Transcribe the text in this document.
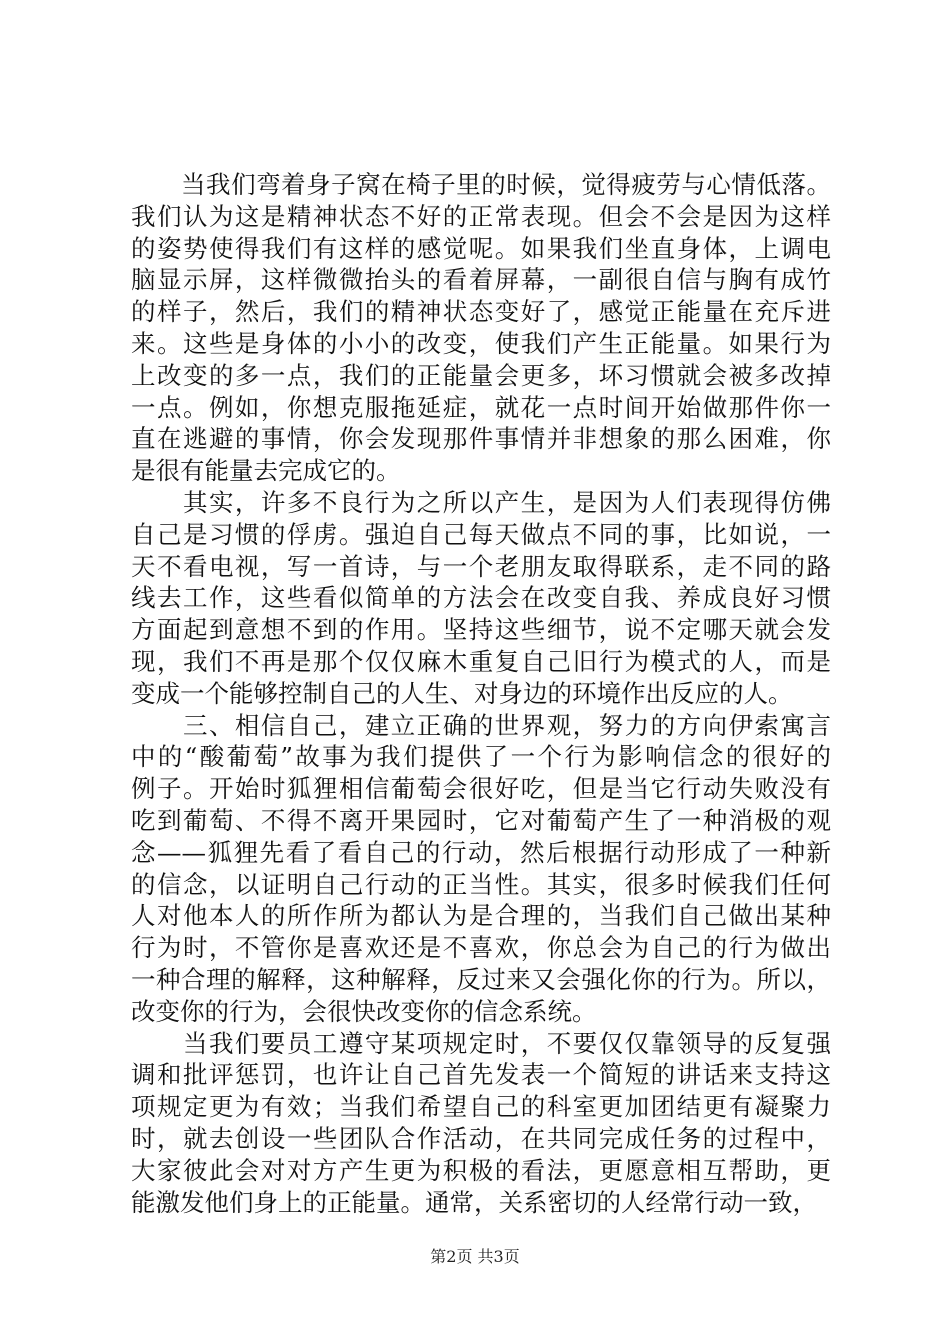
　　当我们弯着身子窝在椅子里的时候，觉得疲劳与心情低落。
我们认为这是精神状态不好的正常表现。但会不会是因为这样
的姿势使得我们有这样的感觉呢。如果我们坐直身体，上调电
脑显示屏，这样微微抬头的看着屏幕，一副很自信与胸有成竹
的样子，然后，我们的精神状态变好了，感觉正能量在充斥进
来。这些是身体的小小的改变，使我们产生正能量。如果行为
上改变的多一点，我们的正能量会更多，坏习惯就会被多改掉
一点。例如，你想克服拖延症，就花一点时间开始做那件你一
直在逃避的事情，你会发现那件事情并非想象的那么困难，你
是很有能量去完成它的。
　　其实，许多不良行为之所以产生，是因为人们表现得仿佛
自己是习惯的俘虏。强迫自己每天做点不同的事，比如说，一
天不看电视，写一首诗，与一个老朋友取得联系，走不同的路
线去工作，这些看似简单的方法会在改变自我、养成良好习惯
方面起到意想不到的作用。坚持这些细节，说不定哪天就会发
现，我们不再是那个仅仅麻木重复自己旧行为模式的人，而是
变成一个能够控制自己的人生、对身边的环境作出反应的人。
　　三、相信自己，建立正确的世界观，努力的方向伊索寓言
中的“酸葡萄”故事为我们提供了一个行为影响信念的很好的
例子。开始时狐狸相信葡萄会很好吃，但是当它行动失败没有
吃到葡萄、不得不离开果园时，它对葡萄产生了一种消极的观
念——狐狸先看了看自己的行动，然后根据行动形成了一种新
的信念，以证明自己行动的正当性。其实，很多时候我们任何
人对他本人的所作所为都认为是合理的，当我们自己做出某种
行为时，不管你是喜欢还是不喜欢，你总会为自己的行为做出
一种合理的解释，这种解释，反过来又会强化你的行为。所以，
改变你的行为，会很快改变你的信念系统。
　　当我们要员工遵守某项规定时，不要仅仅靠领导的反复强
调和批评惩罚，也许让自己首先发表一个简短的讲话来支持这
项规定更为有效；当我们希望自己的科室更加团结更有凝聚力
时，就去创设一些团队合作活动，在共同完成任务的过程中，
大家彼此会对对方产生更为积极的看法，更愿意相互帮助，更
能激发他们身上的正能量。通常，关系密切的人经常行动一致，
第2页 共3页
